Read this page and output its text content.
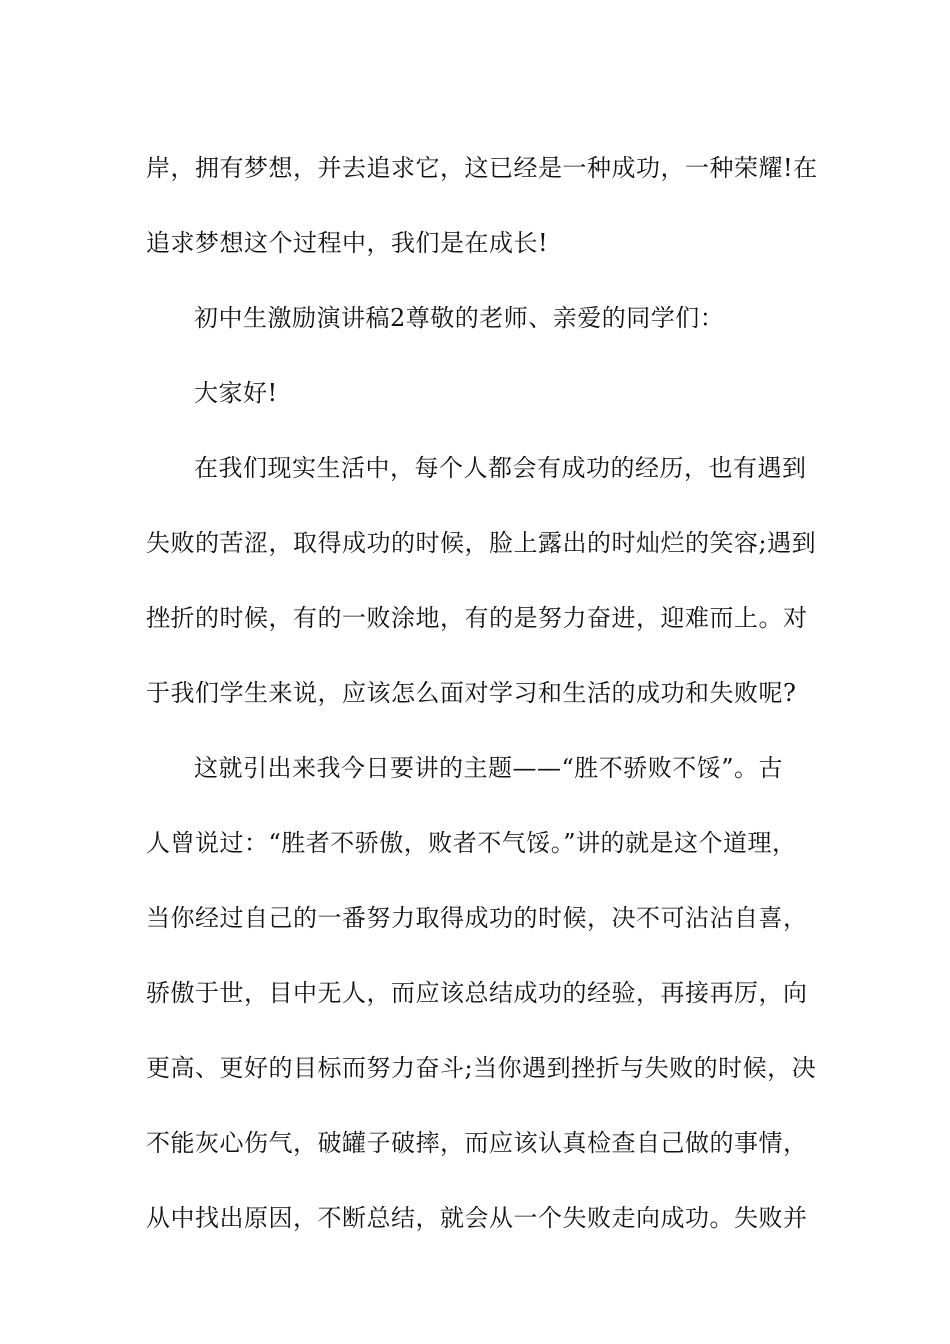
岸，拥有梦想，并去追求它，这已经是一种成功，一种荣耀!在
追求梦想这个过程中，我们是在成长!

初中生激励演讲稿2尊敬的老师、亲爱的同学们：

大家好!

在我们现实生活中，每个人都会有成功的经历，也有遇到
失败的苦涩，取得成功的时候，脸上露出的时灿烂的笑容;遇到
挫折的时候，有的一败涂地，有的是努力奋进，迎难而上。对
于我们学生来说，应该怎么面对学习和生活的成功和失败呢?

这就引出来我今日要讲的主题——“胜不骄败不馁”。古
人曾说过：“胜者不骄傲，败者不气馁。”讲的就是这个道理，
当你经过自己的一番努力取得成功的时候，决不可沾沾自喜，
骄傲于世，目中无人，而应该总结成功的经验，再接再厉，向
更高、更好的目标而努力奋斗;当你遇到挫折与失败的时候，决
不能灰心伤气，破罐子破摔，而应该认真检查自己做的事情，
从中找出原因，不断总结，就会从一个失败走向成功。失败并
